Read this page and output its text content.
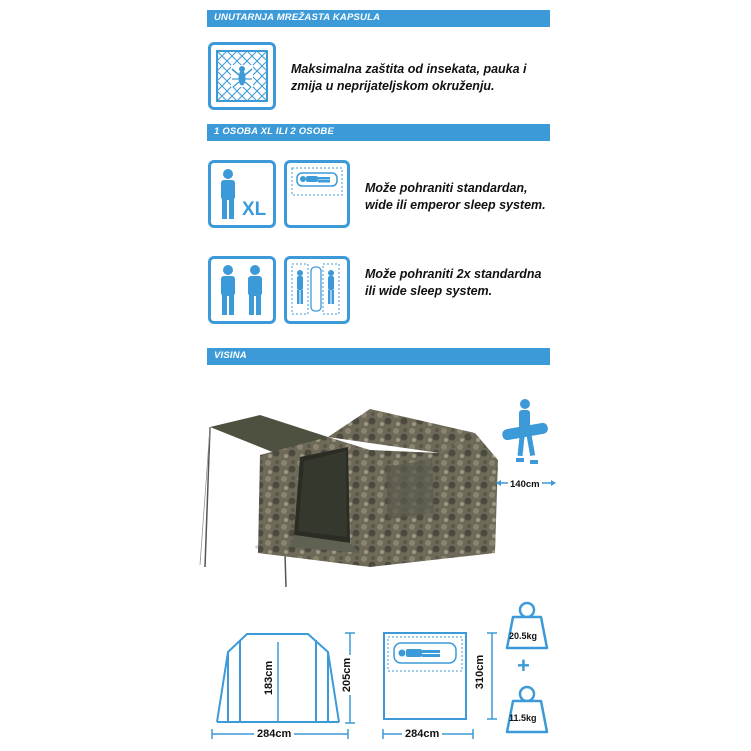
UNUTARNJA MREŽASTA KAPSULA
Maksimalna zaštita od insekata, pauka i zmija u neprijateljskom okruženju.
1 OSOBA XL ILI 2 OSOBE
XL
Može pohraniti standardan, wide ili emperor sleep system.
Može pohraniti 2x standardna ili wide sleep system.
VISINA
140cm
183cm	205cm
284cm
310cm
284cm
20.5kg
+
11.5kg
